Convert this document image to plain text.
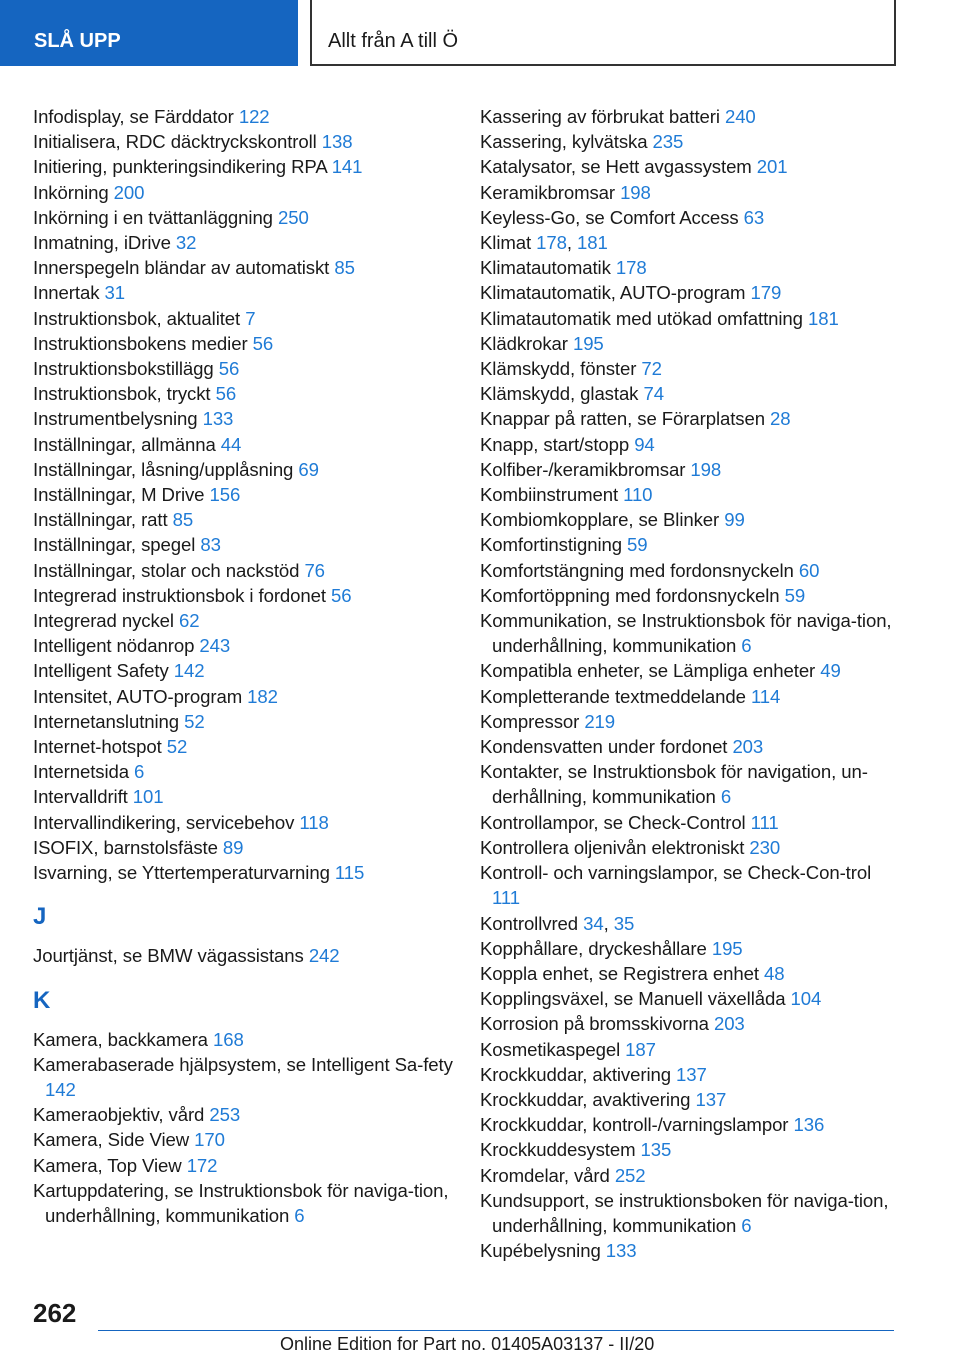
SLÅ UPP	Allt från A till Ö
Infodisplay, se Färddator 122
Initialisera, RDC däcktryckskontroll 138
Initiering, punkteringsindikering RPA 141
Inkörning 200
Inkörning i en tvättanläggning 250
Inmatning, iDrive 32
Innerspegeln bländar av automatiskt 85
Innertak 31
Instruktionsbok, aktualitet 7
Instruktionsbokens medier 56
Instruktionsbokstillägg 56
Instruktionsbok, tryckt 56
Instrumentbelysning 133
Inställningar, allmänna 44
Inställningar, låsning/upplåsning 69
Inställningar, M Drive 156
Inställningar, ratt 85
Inställningar, spegel 83
Inställningar, stolar och nackstöd 76
Integrerad instruktionsbok i fordonet 56
Integrerad nyckel 62
Intelligent nödanrop 243
Intelligent Safety 142
Intensitet, AUTO-program 182
Internetanslutning 52
Internet-hotspot 52
Internetsida 6
Intervalldrift 101
Intervallindikering, servicebehov 118
ISOFIX, barnstolsfäste 89
Isvarning, se Yttertemperaturvarning 115
J
Jourtjänst, se BMW vägassistans 242
K
Kamera, backkamera 168
Kamerabaserade hjälpsystem, se Intelligent Sa-fety 142
Kameraobjektiv, vård 253
Kamera, Side View 170
Kamera, Top View 172
Kartuppdatering, se Instruktionsbok för naviga-tion, underhållning, kommunikation 6
Kassering av förbrukat batteri 240
Kassering, kylvätska 235
Katalysator, se Hett avgassystem 201
Keramikbromsar 198
Keyless-Go, se Comfort Access 63
Klimat 178, 181
Klimatautomatik 178
Klimatautomatik, AUTO-program 179
Klimatautomatik med utökad omfattning 181
Klädkrokar 195
Klämskydd, fönster 72
Klämskydd, glastak 74
Knappar på ratten, se Förarplatsen 28
Knapp, start/stopp 94
Kolfiber-/keramikbromsar 198
Kombiinstrument 110
Kombiomkopplare, se Blinker 99
Komfortinstigning 59
Komfortstängning med fordonsnyckeln 60
Komfortöppning med fordonsnyckeln 59
Kommunikation, se Instruktionsbok för naviga-tion, underhållning, kommunikation 6
Kompatibla enheter, se Lämpliga enheter 49
Kompletterande textmeddelande 114
Kompressor 219
Kondensvatten under fordonet 203
Kontakter, se Instruktionsbok för navigation, un-derhållning, kommunikation 6
Kontrollampor, se Check-Control 111
Kontrollera oljenivån elektroniskt 230
Kontroll- och varningslampor, se Check-Con-trol 111
Kontrollvred 34, 35
Kopphållare, dryckeshållare 195
Koppla enhet, se Registrera enhet 48
Kopplingsväxel, se Manuell växellåda 104
Korrosion på bromsskivorna 203
Kosmetikaspegel 187
Krockkuddar, aktivering 137
Krockkuddar, avaktivering 137
Krockkuddar, kontroll-/varningslampor 136
Krockkuddesystem 135
Kromdelar, vård 252
Kundsupport, se instruktionsboken för naviga-tion, underhållning, kommunikation 6
Kupébelysning 133
262
Online Edition for Part no. 01405A03137 - II/20
